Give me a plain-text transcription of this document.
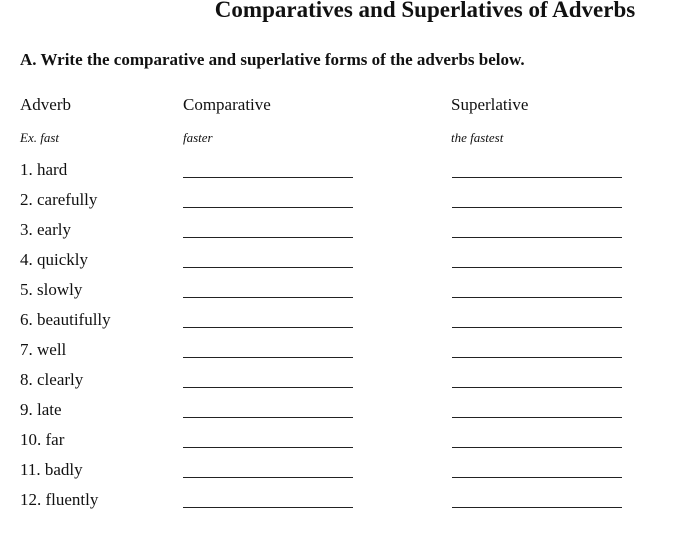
Comparatives and Superlatives of Adverbs
A. Write the comparative and superlative forms of the adverbs below.
Adverb	Comparative	Superlative
Ex. fast	faster	the fastest
1. hard
2. carefully
3. early
4. quickly
5. slowly
6. beautifully
7. well
8. clearly
9. late
10. far
11. badly
12. fluently
